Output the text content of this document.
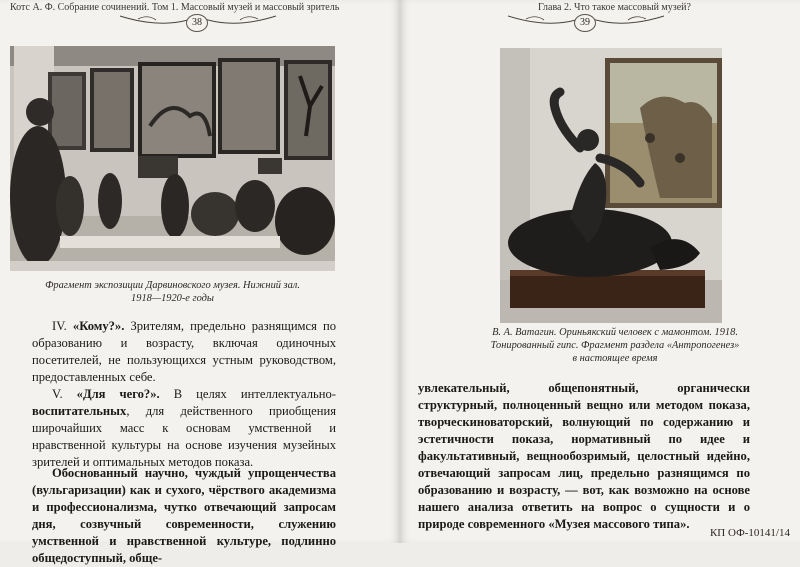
Котс А. Ф. Собрание сочинений. Том 1. Массовый музей и массовый зритель
38
Фрагмент экспозиции Дарвиновского музея. Нижний зал.
1918—1920-е годы

IV. «Кому?». Зрителям, предельно разнящимся по образованию и возрасту, включая одиночных посетителей, не пользующихся устным руководством, предоставленных себе.

V. «Для чего?». В целях интеллектуально-воспитательных, для действенного приобщения широчайших масс к основам умственной и нравственной культуры на основе изучения музейных зрителей и оптимальных методов показа.

Обоснованный научно, чуждый упрощенчества (вульгаризации) как и сухого, чёрствого академизма и профессионализма, чутко отвечающий запросам дня, созвучный современности, служению умственной и нравственной культуре, подлинно общедоступный, обще-

Глава 2. Что такое массовый музей?
39
В. А. Ватагин. Ориньякский человек с мамонтом. 1918.
Тонированный гипс. Фрагмент раздела «Антропогенез»
в настоящее время

увлекательный, общепонятный, органически структурный, полноценный вещно или методом показа, творческиноваторский, волнующий по содержанию и эстетичности показа, нормативный по идее и факультативный, вещнообозримый, целостный идейно, отвечающий запросам лиц, предельно разнящимся по образованию и возрасту, — вот, как возможно на основе нашего анализа ответить на вопрос о сущности и о природе современного «Музея массового типа».

КП ОФ-10141/14
